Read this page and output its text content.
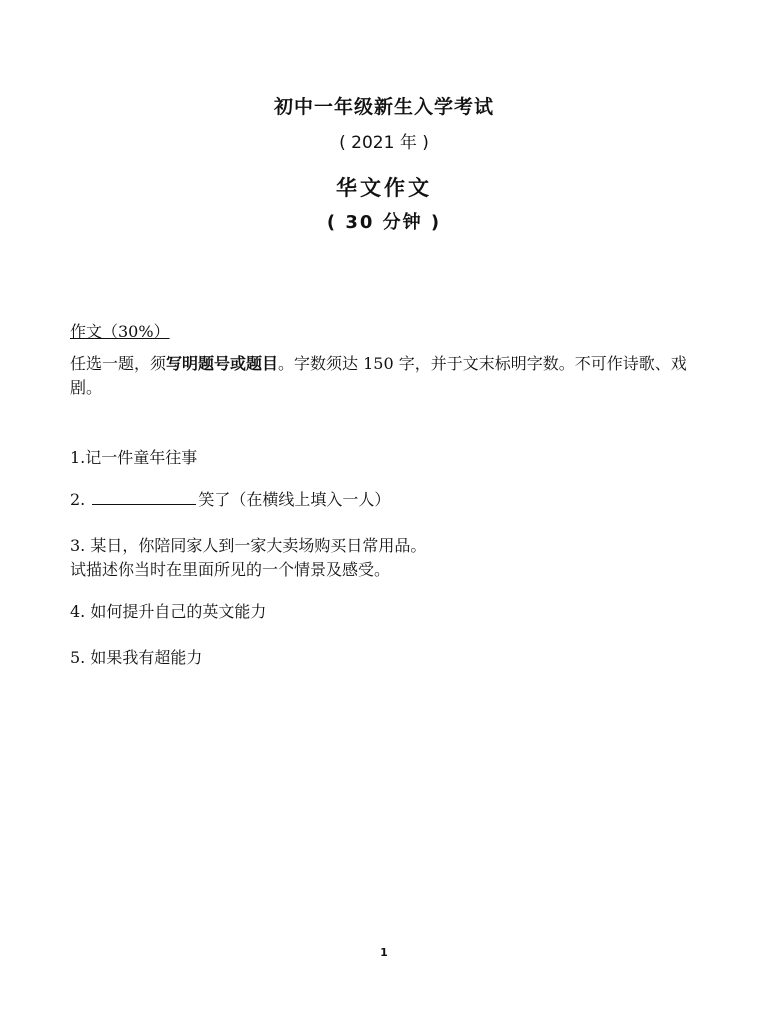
初中一年级新生入学考试
( 2021 年 )
华文作文
( 30 分钟 )
作文（30%）
任选一题，须写明题号或题目。字数须达 150 字，并于文末标明字数。不可作诗歌、戏剧。
1.记一件童年往事
2.	笑了（在横线上填入一人）
3. 某日，你陪同家人到一家大卖场购买日常用品。
试描述你当时在里面所见的一个情景及感受。
4. 如何提升自己的英文能力
5. 如果我有超能力
1
